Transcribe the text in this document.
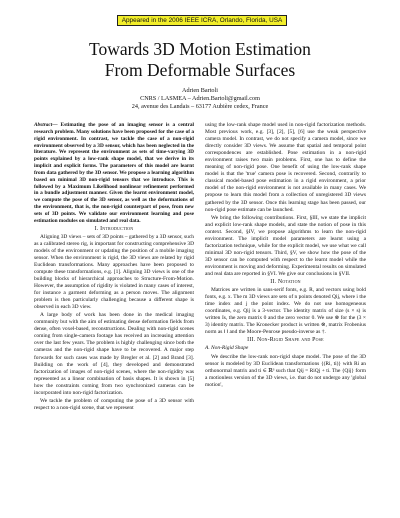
Appeared in the 2006 IEEE ICRA, Orlando, Florida, USA
Towards 3D Motion Estimation
From Deformable Surfaces
Adrien Bartoli
CNRS / LASMEA – Adrien.Bartoli@gmail.com
24, avenue des Landais – 63177 Aubière cedex, France

Abstract— Estimating the pose of an imaging sensor is a central research problem. Many solutions have been proposed for the case of a rigid environment. In contrast, we tackle the case of a non-rigid environment observed by a 3D sensor, which has been neglected in the literature. We represent the environment as sets of time-varying 3D points explained by a low-rank shape model, that we derive in its implicit and explicit forms. The parameters of this model are learnt from data gathered by the 3D sensor. We propose a learning algorithm based on minimal 3D non-rigid tensors that we introduce. This is followed by a Maximum Likelihood nonlinear refinement performed in a bundle adjustment manner. Given the learnt environment model, we compute the pose of the 3D sensor, as well as the deformations of the environment, that is, the non-rigid counterpart of pose, from new sets of 3D points. We validate our environment learning and pose estimation modules on simulated and real data.

I. Introduction

Aligning 3D views – sets of 3D points – gathered by a 3D sensor, such as a calibrated stereo rig, is important for constructing comprehensive 3D models of the environment or updating the position of a mobile imaging sensor. When the environment is rigid, the 3D views are related by rigid Euclidean transformations. Many approaches have been proposed to compute these transformations, e.g. [1]. Aligning 3D views is one of the building blocks of hierarchical approaches to Structure-From-Motion. However, the assumption of rigidity is violated in many cases of interest, for instance a garment deforming as a person moves. The alignment problem is then particularly challenging because a different shape is observed in each 3D view.

A large body of work has been done in the medical imaging community but with the aim of estimating dense deformation fields from dense, often voxel-based, reconstructions. Dealing with non-rigid scenes coming from single-camera footage has received an increasing attention over the last few years. The problem is highly challenging since both the cameras and the non-rigid shape have to be recovered. A major step forwards for such cases was made by Bregler et al. [2] and Brand [3]. Building on the work of [4], they developed and demonstrated factorization of images of non-rigid scenes, where the non-rigidity was represented as a linear combination of basis shapes. It is shown in [5] how the constraints coming from two synchronized cameras can be incorporated into non-rigid factorization.

We tackle the problem of computing the pose of a 3D sensor with respect to a non-rigid scene, that we represent

using the low-rank shape model used in non-rigid factorization methods. Most previous work, e.g. [3], [2], [5], [6] use the weak perspective camera model. In contrast, we do not specify a camera model, since we directly consider 3D views. We assume that spatial and temporal point correspondences are established. Pose estimation in a non-rigid environment raises two main problems. First, one has to define the meaning of non-rigid pose. One benefit of using the low-rank shape model is that the 'true' camera pose is recovered. Second, contrarily to classical model-based pose estimation in a rigid environment, a prior model of the non-rigid environment is not available in many cases. We propose to learn this model from a collection of unregistered 3D views gathered by the 3D sensor. Once this learning stage has been passed, our non-rigid pose estimate can be launched.

We bring the following contributions. First, §III, we state the implicit and explicit low-rank shape models, and state the notion of pose in this context. Second, §IV, we propose algorithms to learn the non-rigid environment. The implicit model parameters are learnt using a factorization technique, while for the explicit model, we use what we call minimal 3D non-rigid tensors. Third, §V, we show how the pose of the 3D sensor can be computed with respect to the learnt model while the environment is moving and deforming. Experimental results on simulated and real data are reported in §VI. We give our conclusions in §VII.

II. Notation

Matrices are written in sans-serif fonts, e.g. R, and vectors using bold fonts, e.g. x. The m 3D views are sets of n points denoted Qij, where i the time index and j the point index. We do not use homogeneous coordinates, e.g. Qij is a 3-vector. The identity matrix of size (s × s) is written Is, the zero matrix 0 and the zero vector 0. We use ⊗ for the (3 × 3) identity matrix. The Kronecker product is written ⊗, matrix Frobenius norm as ‖ ‖ and the Moore-Penrose pseudo-inverse as †.

III. Non-Rigid Shape and Pose

A. Non-Rigid Shape

We describe the low-rank non-rigid shape model. The pose of the 3D sensor is modeled by 3D Euclidean transformations {(Ri, ti)} with Ri an orthonormal matrix and ti ∈ ℝ³ such that Qij = RiQj + ti. The {Qij} form a motionless version of the 3D views, i.e. that do not undergo any 'global motion',
